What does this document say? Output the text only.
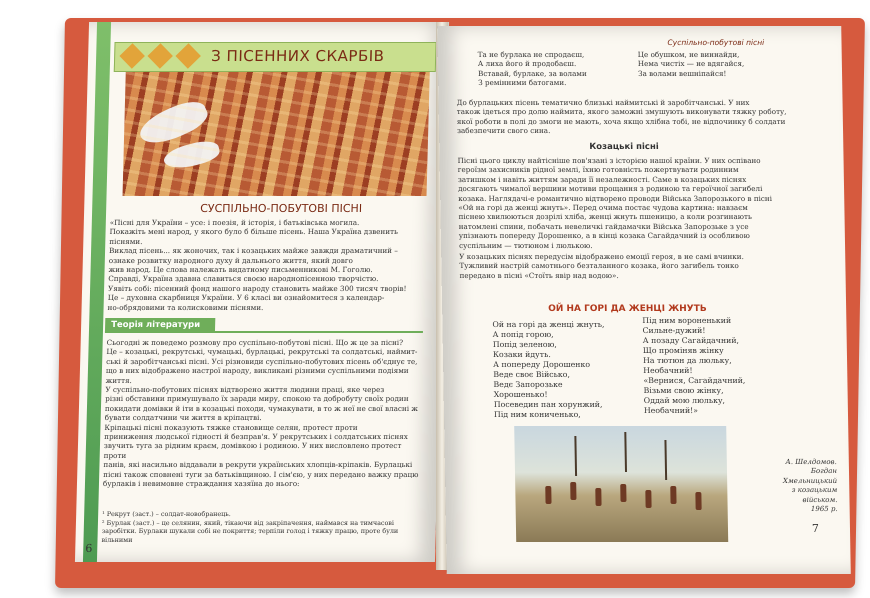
З ПІСЕННИХ СКАРБІВ
СУСПІЛЬНО-ПОБУТОВІ ПІСНІ
«Пісні для України – усе: і поезія, й історія, і батьківська могила.
Покажіть мені народ, у якого було б більше пісень. Наша Україна дзвенить
піснями.
Виклад пісень... як жоночих, так і козацьких майже завжди драматичний –
ознаке розвитку народного духу й дальнього життя, який довго
жив народ. Це слова належать видатному письменникові М. Гоголю.
Справді, Україна здавна славиться своєю народнопісенною творчістю.
Уявіть собі: пісенний фонд нашого народу становить майже 300 тисяч творів!
Це – духовна скарбниця України. У 6 класі ви ознайомитеся з календар-
но-обрядовими та колисковими піснями.
Теорія літератури
Сьогодні ж поведемо розмову про суспільно-побутові пісні. Що ж це за пісні?
Це – козацькі, рекрутські, чумацькі, бурлацькі, рекрутські та солдатські, наймит-
ські й заробітчанські пісні. Усі різновиди суспільно-побутових пісень об'єднує те,
що в них відображено настрої народу, викликані різними суспільними подіями
життя.
У суспільно-побутових піснях відтворено життя людини праці, яке через
різні обставини примушувало їх заради миру, спокою та добробуту своїх родин
покидати домівки й іти в козацькі походи, чумакувати, в то ж неї не свої власні ж
бувати солдатчини чи життя в кріпацтві.
Кріпацькі пісні показують тяжке становище селян, протест проти
приниження людської гідності й безправ'я. У рекрутських і солдатських піснях
звучить туга за рідним краєм, домівкою і родиною. У них висловлено протест проти
панів, які насильно віддавали в рекрути українських хлопців-кріпаків. Бурлацькі
пісні також сповнені туги за батьківщиною. І сім'єю, у них передано важку працю
бурлаків і невимовне страждання хазяїна до нього:
¹ Рекрут (заст.) – солдат-новобранець.
² Бурлак (заст.) – це селянин, який, тікаючи від закріпачення, наймався на тимчасові
заробітки. Бурлаки шукали собі не покриття; терпіли голод і тяжку працю, проте були вільними
6
Суспільно-побутові пісні
Та не бурлака не спродаєш,
А лиха його й продобаєш.
Вставай, бурлаке, за волами
З ремінними батогами.
Це обушком, не виннайди,
Нема чистіх — не вдягайся,
За волами вешніпайся!
До бурлацьких пісень тематично близькі наймитські й заробітчанські. У них
також ідеться про долю наймита, якого заможні змушують виконувати тяжку роботу,
якої роботи в полі до змоги не мають, хоча якщо хлібна тобі, не відпочинку б солдати
забезпечити свого сина.
Козацькі пісні
Пісні цього циклу найтісніше пов'язані з історією нашої країни. У них оспівано
героїзм захисників рідної землі, їхню готовність пожертвувати родинним
затишком і навіть життям заради її незалежності. Саме в козацьких піснях
досягають чималої вершини мотиви прощання з родиною та героїчної загибелі
козака. Наглядачі-е романтично відтворено проводи Війська Запорозького в пісні
«Ой на горі да женці жнуть». Перед очима постає чудова картина: навзаєм
піснею хвилюються дозрілі хліба, женці жнуть пшеницю, а коли розгинають
натомлені спини, побачать невеличкі гайдамачки Війська Запорозьке з усе
упізнають попереду Дорошенко, а в кінці козака Сагайдачний із особливою
суспільним — тютюном і люлькою.
У козацьких піснях передусім відображено емоції героя, в не самі вчинки.
Тужливий настрій самотнього безталанного козака, його загибель тонко
передано в пісні «Стоїть явір над водою».
ОЙ НА ГОРІ ДА ЖЕНЦІ ЖНУТЬ
Ой на горі да женці жнуть,
А попід горою,
Попід зеленою,
Козаки йдуть.
А попереду Дорошенко
Веде своє Військо,
Ведє Запорозьке
Хорошенько!
Посеведин пан хорунжий,
Під ним кониченько,
Під ним вороненький
Сильне-дужий!
А позаду Сагайдачний,
Що проміняв жінку
На тютюн да люльку,
Необачний!
«Вернися, Сагайдачний,
Візьми свою жінку,
Оддай мою люльку,
Необачний!»
А. Шелдомов.
Богдан
Хмельницький
з козацьким
військом.
1965 р.
7
